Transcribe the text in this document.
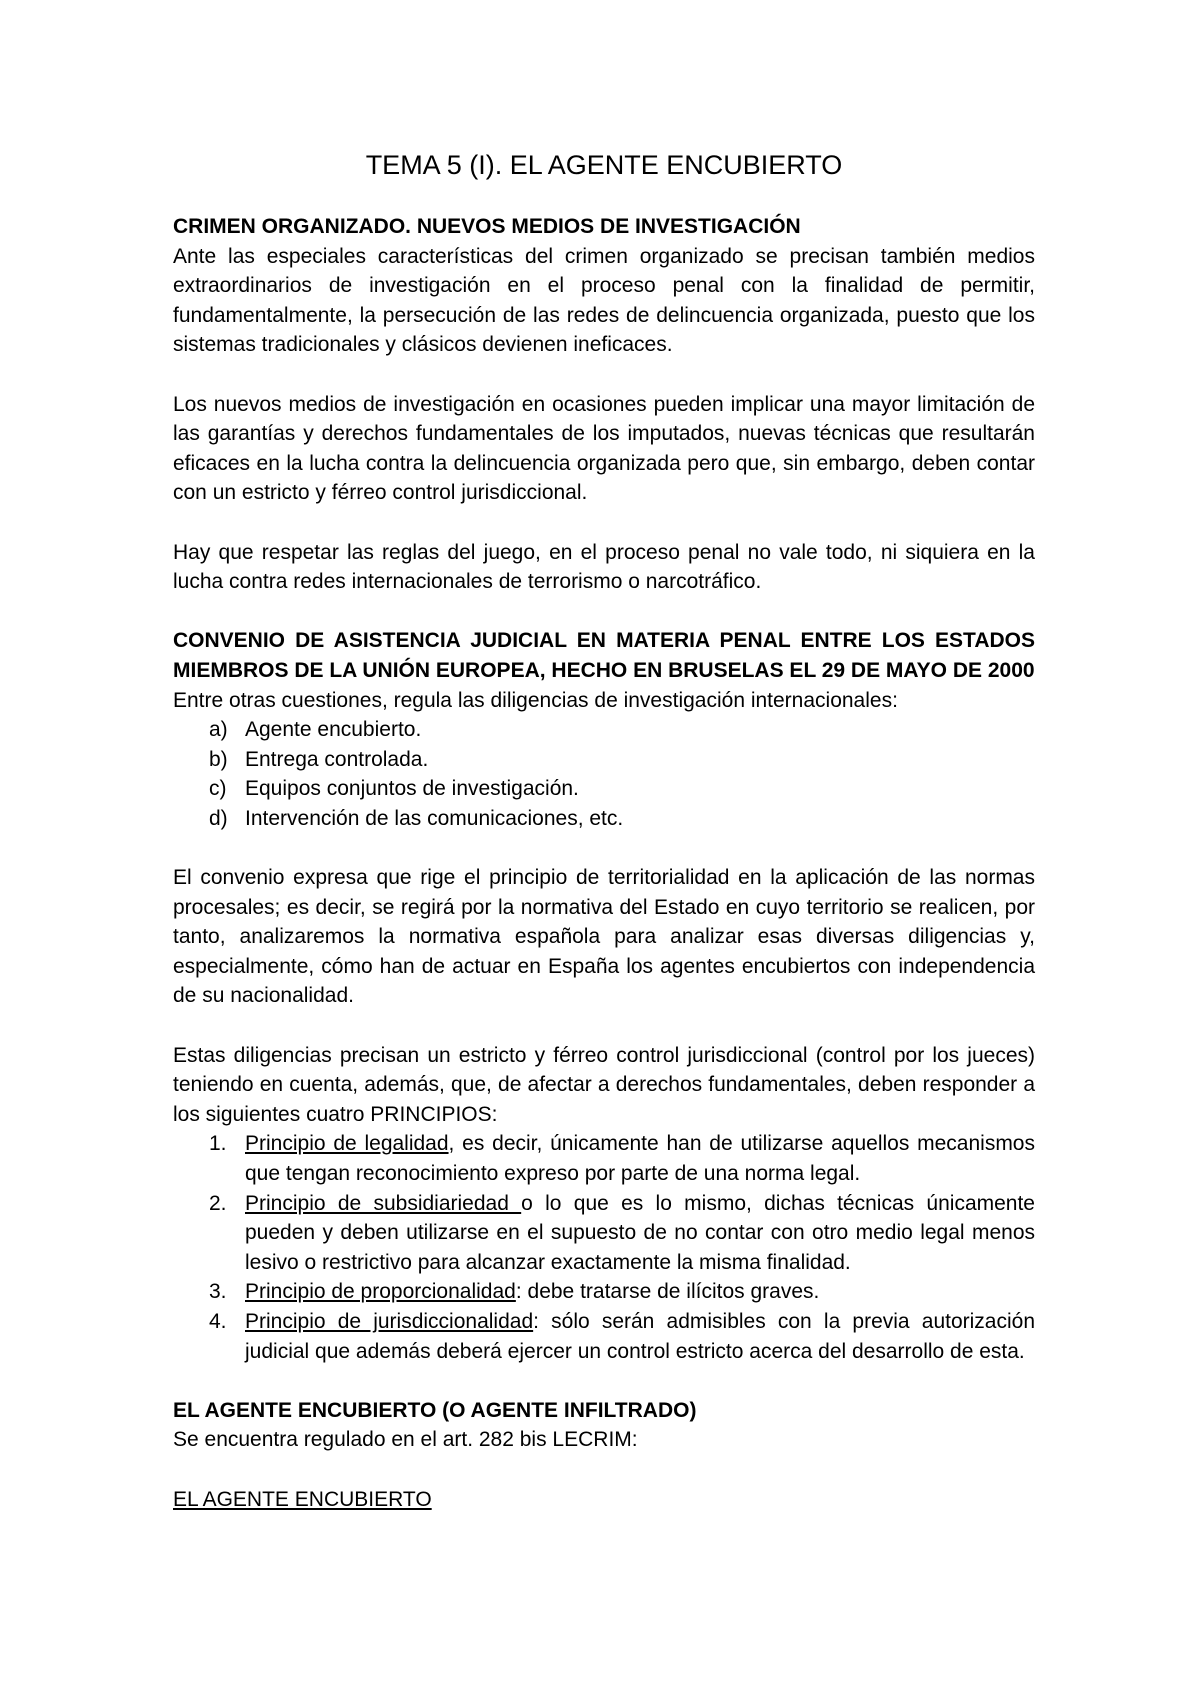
TEMA 5 (I). EL AGENTE ENCUBIERTO
CRIMEN ORGANIZADO. NUEVOS MEDIOS DE INVESTIGACIÓN

Ante las especiales características del crimen organizado se precisan también medios extraordinarios de investigación en el proceso penal con la finalidad de permitir, fundamentalmente, la persecución de las redes de delincuencia organizada, puesto que los sistemas tradicionales y clásicos devienen ineficaces.

Los nuevos medios de investigación en ocasiones pueden implicar una mayor limitación de las garantías y derechos fundamentales de los imputados, nuevas técnicas que resultarán eficaces en la lucha contra la delincuencia organizada pero que, sin embargo, deben contar con un estricto y férreo control jurisdiccional.

Hay que respetar las reglas del juego, en el proceso penal no vale todo, ni siquiera en la lucha contra redes internacionales de terrorismo o narcotráfico.

CONVENIO DE ASISTENCIA JUDICIAL EN MATERIA PENAL ENTRE LOS ESTADOS MIEMBROS DE LA UNIÓN EUROPEA, HECHO EN BRUSELAS EL 29 DE MAYO DE 2000

Entre otras cuestiones, regula las diligencias de investigación internacionales:

a) Agente encubierto.
b) Entrega controlada.
c) Equipos conjuntos de investigación.
d) Intervención de las comunicaciones, etc.

El convenio expresa que rige el principio de territorialidad en la aplicación de las normas procesales; es decir, se regirá por la normativa del Estado en cuyo territorio se realicen, por tanto, analizaremos la normativa española para analizar esas diversas diligencias y, especialmente, cómo han de actuar en España los agentes encubiertos con independencia de su nacionalidad.

Estas diligencias precisan un estricto y férreo control jurisdiccional (control por los jueces) teniendo en cuenta, además, que, de afectar a derechos fundamentales, deben responder a los siguientes cuatro PRINCIPIOS:

1. Principio de legalidad, es decir, únicamente han de utilizarse aquellos mecanismos que tengan reconocimiento expreso por parte de una norma legal.
2. Principio de subsidiariedad o lo que es lo mismo, dichas técnicas únicamente pueden y deben utilizarse en el supuesto de no contar con otro medio legal menos lesivo o restrictivo para alcanzar exactamente la misma finalidad.
3. Principio de proporcionalidad: debe tratarse de ilícitos graves.
4. Principio de jurisdiccionalidad: sólo serán admisibles con la previa autorización judicial que además deberá ejercer un control estricto acerca del desarrollo de esta.
EL AGENTE ENCUBIERTO (O AGENTE INFILTRADO)

Se encuentra regulado en el art. 282 bis LECRIM:

EL AGENTE ENCUBIERTO
